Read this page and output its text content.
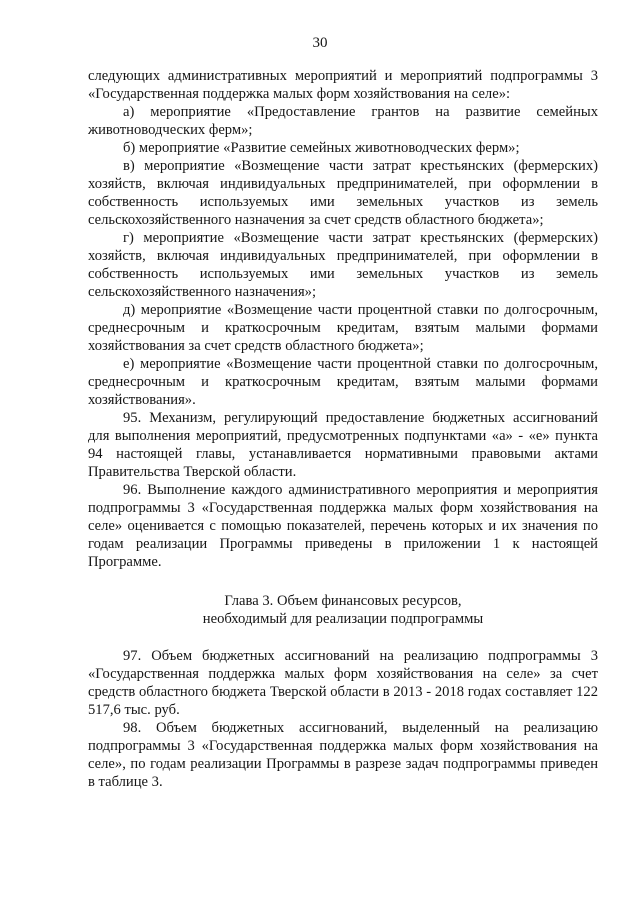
30

следующих административных мероприятий и мероприятий подпрограммы 3 «Государственная поддержка малых форм хозяйствования на селе»:

а) мероприятие «Предоставление грантов на развитие семейных животноводческих ферм»;

б) мероприятие «Развитие семейных животноводческих ферм»;

в) мероприятие «Возмещение части затрат крестьянских (фермерских) хозяйств, включая индивидуальных предпринимателей, при оформлении в собственность используемых ими земельных участков из земель сельскохозяйственного назначения за счет средств областного бюджета»;

г) мероприятие «Возмещение части затрат крестьянских (фермерских) хозяйств, включая индивидуальных предпринимателей, при оформлении в собственность используемых ими земельных участков из земель сельскохозяйственного назначения»;

д) мероприятие «Возмещение части процентной ставки по долгосрочным, среднесрочным и краткосрочным кредитам, взятым малыми формами хозяйствования за счет средств областного бюджета»;

е) мероприятие «Возмещение части процентной ставки по долгосрочным, среднесрочным и краткосрочным кредитам, взятым малыми формами хозяйствования».

95. Механизм, регулирующий предоставление бюджетных ассигнований для выполнения мероприятий, предусмотренных подпунктами «а» - «е» пункта 94 настоящей главы, устанавливается нормативными правовыми актами Правительства Тверской области.

96. Выполнение каждого административного мероприятия и мероприятия подпрограммы 3 «Государственная поддержка малых форм хозяйствования на селе» оценивается с помощью показателей, перечень которых и их значения по годам реализации Программы приведены в приложении 1 к настоящей Программе.

Глава 3. Объем финансовых ресурсов,
необходимый для реализации подпрограммы

97. Объем бюджетных ассигнований на реализацию подпрограммы 3 «Государственная поддержка малых форм хозяйствования на селе» за счет средств областного бюджета Тверской области в 2013 - 2018 годах составляет 122 517,6 тыс. руб.

98. Объем бюджетных ассигнований, выделенный на реализацию подпрограммы 3 «Государственная поддержка малых форм хозяйствования на селе», по годам реализации Программы в разрезе задач подпрограммы приведен в таблице 3.
